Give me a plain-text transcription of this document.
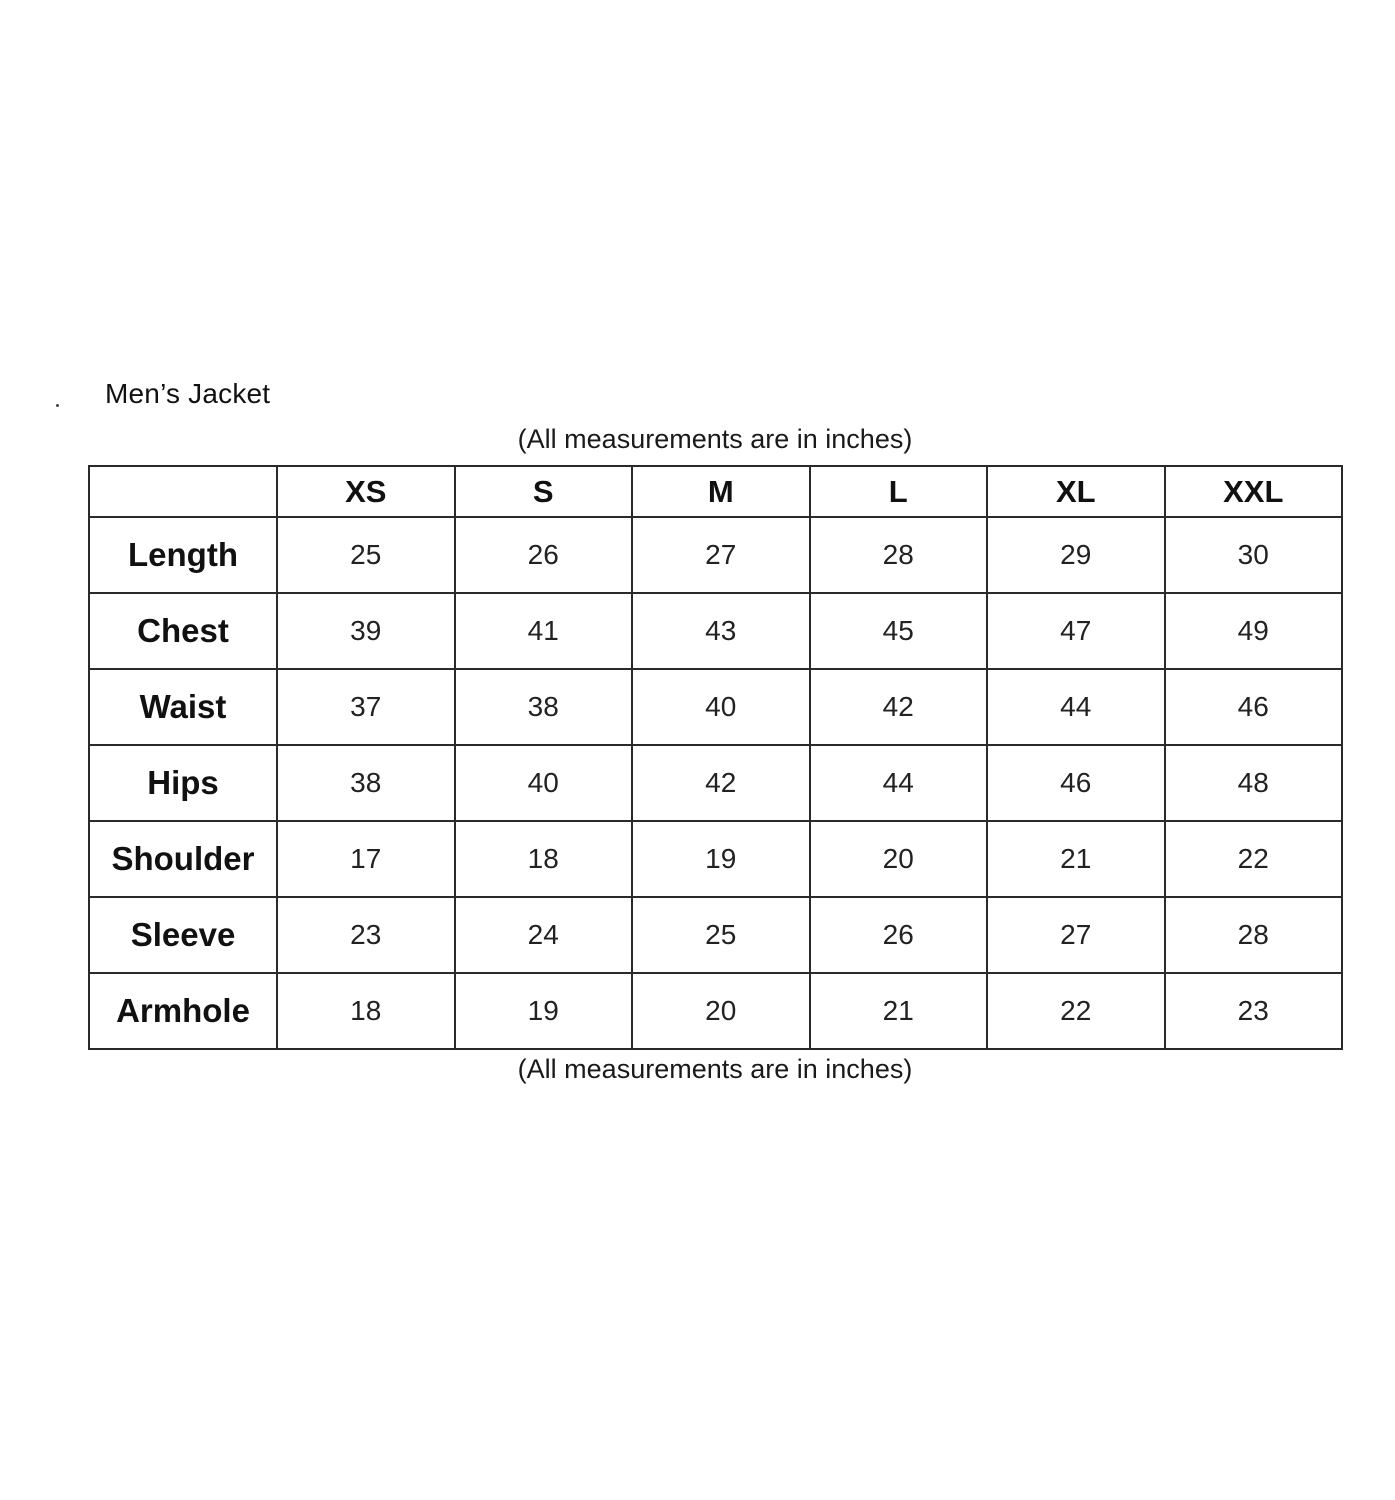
Men’s Jacket
(All measurements are in inches)
	XS	S	M	L	XL	XXL
Length	25	26	27	28	29	30
Chest	39	41	43	45	47	49
Waist	37	38	40	42	44	46
Hips	38	40	42	44	46	48
Shoulder	17	18	19	20	21	22
Sleeve	23	24	25	26	27	28
Armhole	18	19	20	21	22	23
(All measurements are in inches)
